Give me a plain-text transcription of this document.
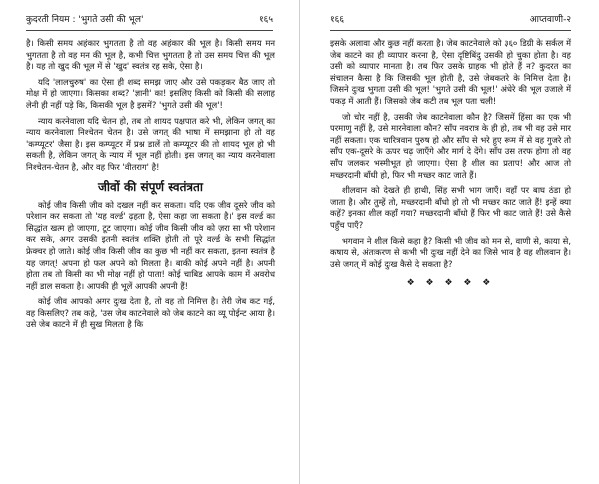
कुदरती नियम : 'भुगते उसी की भूल'	१६५

है। किसी समय अहंकार भुगतता है तो वह अहंकार की भूल है। किसी समय मन भुगतता है तो वह मन की भूल है, कभी चित्त भुगतता है तो उस समय चित्त की भूल है। यह तो खुद की भूल में से 'खुद' स्वतंत्र रह सके, ऐसा है।

यदि 'लालचुरुष' का ऐसा ही शब्द समझ जाए और उसे पकड़कर बैठ जाए तो मोक्ष में हो जाएगा। किसका शब्द? 'ज्ञानी' का! इसलिए किसी को किसी की सलाह लेनी ही नहीं पड़े कि, किसकी भूल है इसमें? 'भुगते उसी की भूल'!

न्याय करनेवाला यदि चेतन हो, तब तो शायद पक्षपात करे भी, लेकिन जगत् का न्याय करनेवाला निश्चेतन चेतन है। उसे जगत् की भाषा में समझाना हो तो वह 'कम्प्यूटर' जैसा है। इस कम्प्यूटर में प्रश्न डालें तो कम्प्यूटर की तो शायद भूल हो भी सकती है, लेकिन जगत् के न्याय में भूल नहीं होती। इस जगत् का न्याय करनेवाला निश्चेतन-चेतन है, और वह फिर 'वीतराग' है!

जीवों की संपूर्ण स्वतंत्रता

कोई जीव किसी जीव को दखल नहीं कर सकता। यदि एक जीव दूसरे जीव को परेशान कर सकता तो 'यह वर्ल्ड' ढ़हता है, ऐसा कहा जा सकता है।' इस वर्ल्ड का सिद्धांत खत्म हो जाएगा, टूट जाएगा। कोई जीव किसी जीव को ज़रा सा भी परेशान कर सके, अगर उसकी इतनी स्वतंत्र शक्ति होती तो पूरे वर्ल्ड के सभी सिद्धांत फ्रेक्चर हो जाते। कोई जीव किसी जीव का कुछ भी नहीं कर सकता, इतना स्वतंत्र है यह जगत्! अपना हो फल अपने को मिलता है। बाकी कोई अपने नहीं है। अपनी होता तब तो किसी का भी मोक्ष नहीं हो पाता! कोई चाबिड आपके काम में अवरोध नहीं डाल सकता है। आपकी ही भूलें आपकी अपनी हैं!

कोई जीव आपको अगर दुःख देता है, तो वह तो निमित्त है। तेरी जेब कट गई, वह किसलिए? तब कहे, 'उस जेब काटनेवाले को जेब काटने का व्यू पोईन्ट आया है। उसे जेब काटने में ही सुख मिलता है कि

१६६	आप्तवाणी-२

इसके अलावा और कुछ नहीं करता है। जेब काटनेवाले को ३६० डिग्री के सर्कल में जेब काटने का ही व्यापार करना है, ऐसा दृष्टिबिंदु उसकी हो चुका होता है। वह उसी को व्यापार मानता है। तब फिर उसके ग्राहक भी होते हैं न? कुदरत का संचालन कैसा है कि जिसकी भूल होती है, उसे जेबकतरे के निमित्त देता है। जिसने दुःख भुगता उसी की भूल! 'भुगते उसी की भूल!' अंधेरे की भूल उजाले में पकड़ में आती हैं। जिसको जेब कटी तब भूल पता चली!

जो चोर नहीं है, उसकी जेब काटनेवाला कौन है? जिसमें हिंसा का एक भी परमाणु नहीं है, उसे मारनेवाला कौन? साँप नवरात्र के ही हो, तब भी वह उसे मार नहीं सकता। एक चारित्रवान पुरुष हो और साँप से भरे हुए रूम में से वह गुजरे तो साँप एक-दूसरे के ऊपर चढ़ जाएँगे और मार्ग दे देंगे। साँप उस तरफ होगा तो वह साँप जलकर भस्मीभूत हो जाएगा। ऐसा है शील का प्रताप! और आज तो मच्छरदानी बाँधी हो, फिर भी मच्छर काट जाते हैं।

शीलवान को देखते ही हाथी, सिंह सभी भाग जाएँ। वहाँ पर बाघ ठंडा हो जाता है। और तुम्हें तो, मच्छरदानी बाँधो हो तो भी मच्छर काट जाते हैं! इन्हें क्या कहें? इनका शील कहाँ गया? मच्छरदानी बाँधो हैं फिर भी काट जाते हैं! उसे कैसे पहुँच पाएँ?

भगवान ने शील किसे कहा है? किसी भी जीव को मन से, वाणी से, काया से, कषाय से, अंतःकरण से कभी भी दुःख नहीं देने का जिसे भाव है वह शीलवान है। उसे जगत् में कोई दुःख कैसे दे सकता है?

❖ ❖ ❖ ❖ ❖
